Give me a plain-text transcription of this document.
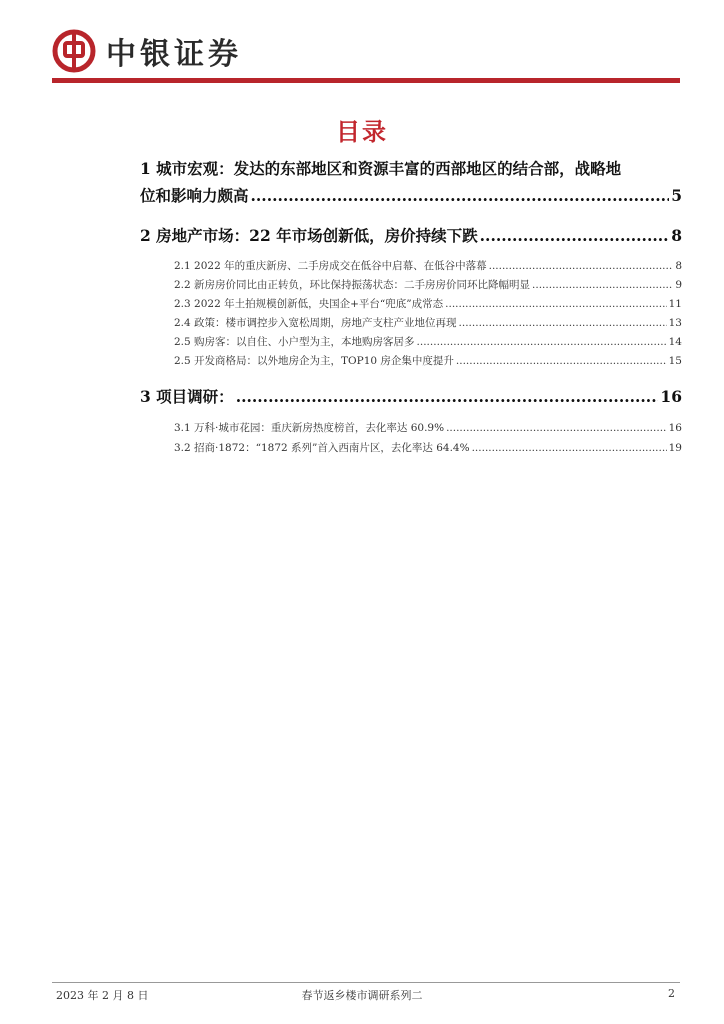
中银证券
目录
1 城市宏观：发达的东部地区和资源丰富的西部地区的结合部，战略地
位和影响力颇高 .....	5
2 房地产市场：22 年市场创新低，房价持续下跌 .....	8
2.1 2022 年的重庆新房、二手房成交在低谷中启幕、在低谷中落幕 .....	8
2.2 新房房价同比由正转负，环比保持振荡状态：二手房房价同环比降幅明显 .....	9
2.3 2022 年土拍规模创新低，央国企+平台“兜底”成常态 .....	11
2.4 政策：楼市调控步入宽松周期，房地产支柱产业地位再现 .....	13
2.5 购房客：以自住、小户型为主，本地购房客居多 .....	14
2.5 开发商格局：以外地房企为主，TOP10 房企集中度提升 .....	15
3 项目调研： .....	16
3.1 万科·城市花园：重庆新房热度榜首，去化率达 60.9% .....	16
3.2 招商·1872：“1872 系列”首入西南片区，去化率达 64.4% .....	19
2023 年 2 月 8 日	春节返乡楼市调研系列二	2
